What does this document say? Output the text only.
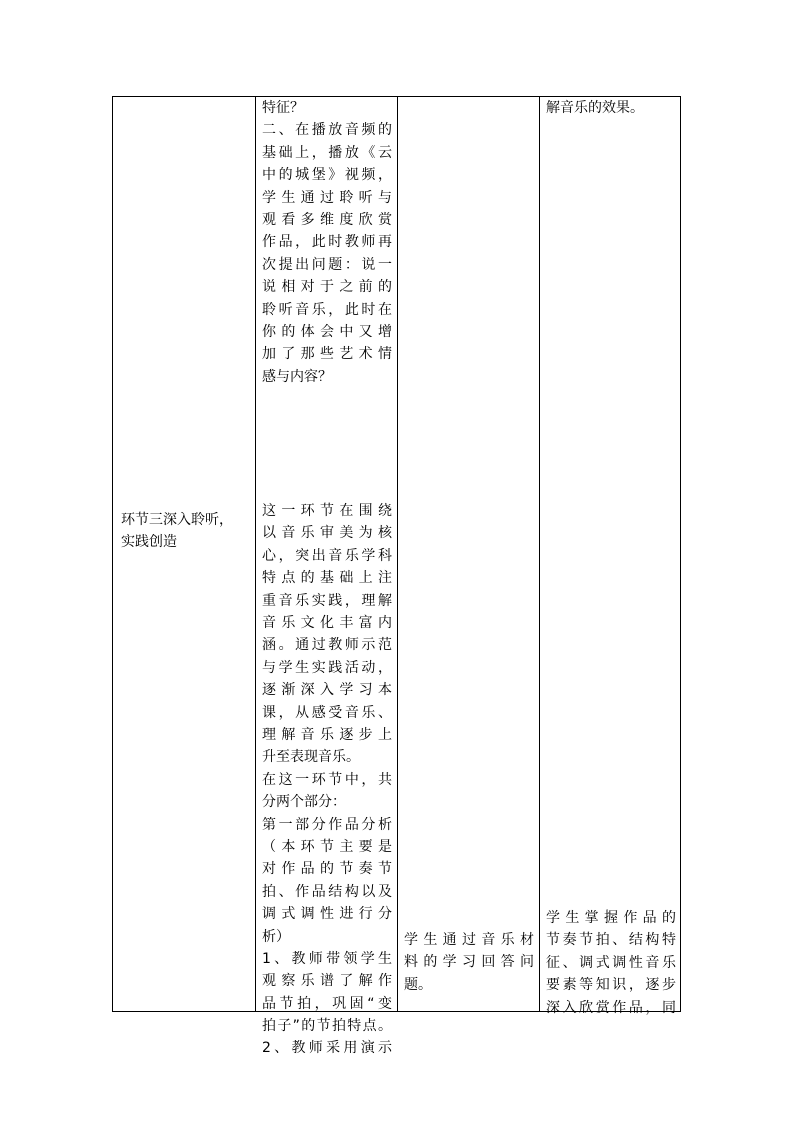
环节三深入聆听，
实践创造
特征？
二、在播放音频的
基础上，播放《云
中的城堡》视频，
学生通过聆听与
观看多维度欣赏
作品，此时教师再
次提出问题：说一
说相对于之前的
聆听音乐，此时在
你的体会中又增
加了那些艺术情
感与内容？
这一环节在围绕
以音乐审美为核
心，突出音乐学科
特点的基础上注
重音乐实践，理解
音乐文化丰富内
涵。通过教师示范
与学生实践活动，
逐渐深入学习本
课，从感受音乐、
理解音乐逐步上
升至表现音乐。
在这一环节中，共
分两个部分：
第一部分作品分析
（本环节主要是
对作品的节奏节
拍、作品结构以及
调式调性进行分
析）
1、教师带领学生
观察乐谱了解作
品节拍，巩固“变
拍子”的节拍特点。
2、教师采用演示
学生通过音乐材
料的学习回答问
题。
解音乐的效果。
学生掌握作品的
节奏节拍、结构特
征、调式调性音乐
要素等知识，逐步
深入欣赏作品，同
